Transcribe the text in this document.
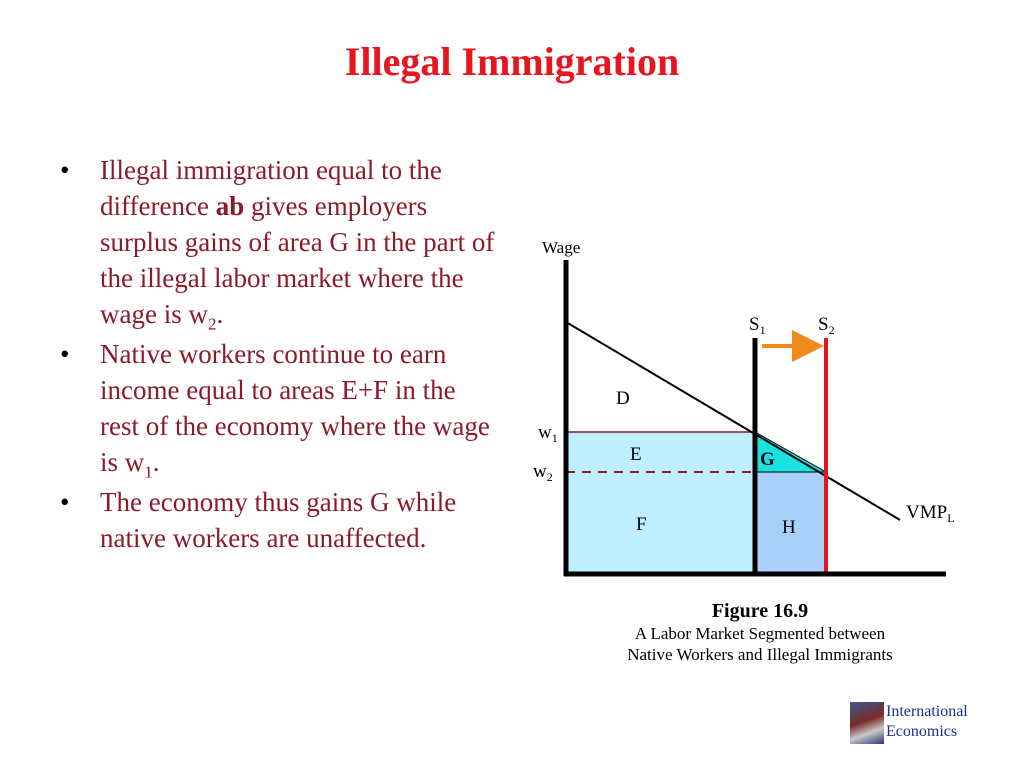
Illegal Immigration
• Illegal immigration equal to the difference ab gives employers surplus gains of area G in the part of the illegal labor market where the wage is $w_2$.
• Native workers continue to earn income equal to areas E+F in the rest of the economy where the wage is $w_1$.
• The economy thus gains G while native workers are unaffected.
Wage
$S_1$	$S_2$
$w_1$
$w_2$
D
E
F
G
H
$VMP_L$
Figure 16.9
A Labor Market Segmented between
Native Workers and Illegal Immigrants
International
Economics
